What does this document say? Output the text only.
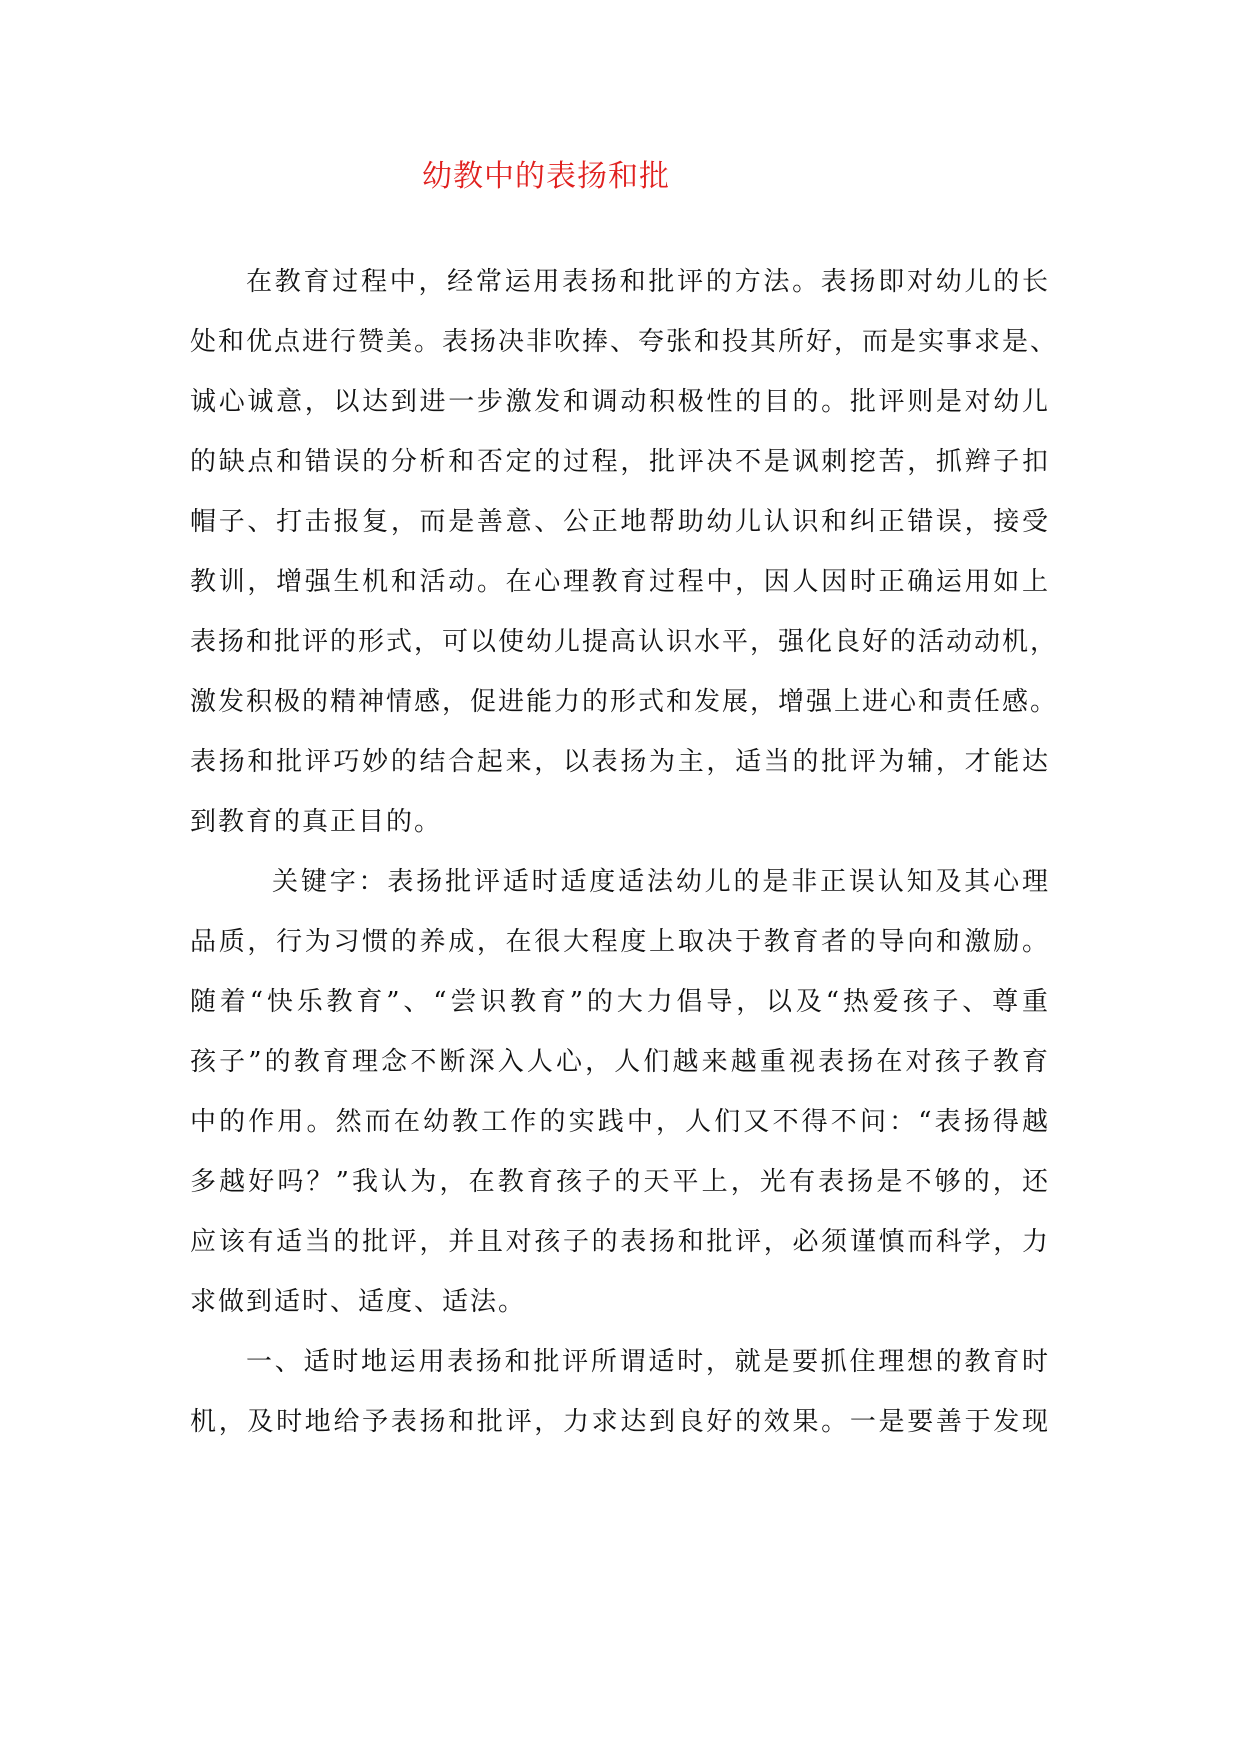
幼教中的表扬和批
在教育过程中，经常运用表扬和批评的方法。表扬即对幼儿的长
处和优点进行赞美。表扬决非吹捧、夸张和投其所好，而是实事求是、
诚心诚意，以达到进一步激发和调动积极性的目的。批评则是对幼儿
的缺点和错误的分析和否定的过程，批评决不是讽刺挖苦，抓辫子扣
帽子、打击报复，而是善意、公正地帮助幼儿认识和纠正错误，接受
教训，增强生机和活动。在心理教育过程中，因人因时正确运用如上
表扬和批评的形式，可以使幼儿提高认识水平，强化良好的活动动机，
激发积极的精神情感，促进能力的形式和发展，增强上进心和责任感。
表扬和批评巧妙的结合起来，以表扬为主，适当的批评为辅，才能达
到教育的真正目的。
关键字：表扬批评适时适度适法幼儿的是非正误认知及其心理
品质，行为习惯的养成，在很大程度上取决于教育者的导向和激励。
随着“快乐教育”、“尝识教育”的大力倡导，以及“热爱孩子、尊重
孩子”的教育理念不断深入人心，人们越来越重视表扬在对孩子教育
中的作用。然而在幼教工作的实践中，人们又不得不问：“表扬得越
多越好吗？”我认为，在教育孩子的天平上，光有表扬是不够的，还
应该有适当的批评，并且对孩子的表扬和批评，必须谨慎而科学，力
求做到适时、适度、适法。
一、适时地运用表扬和批评所谓适时，就是要抓住理想的教育时
机，及时地给予表扬和批评，力求达到良好的效果。一是要善于发现
